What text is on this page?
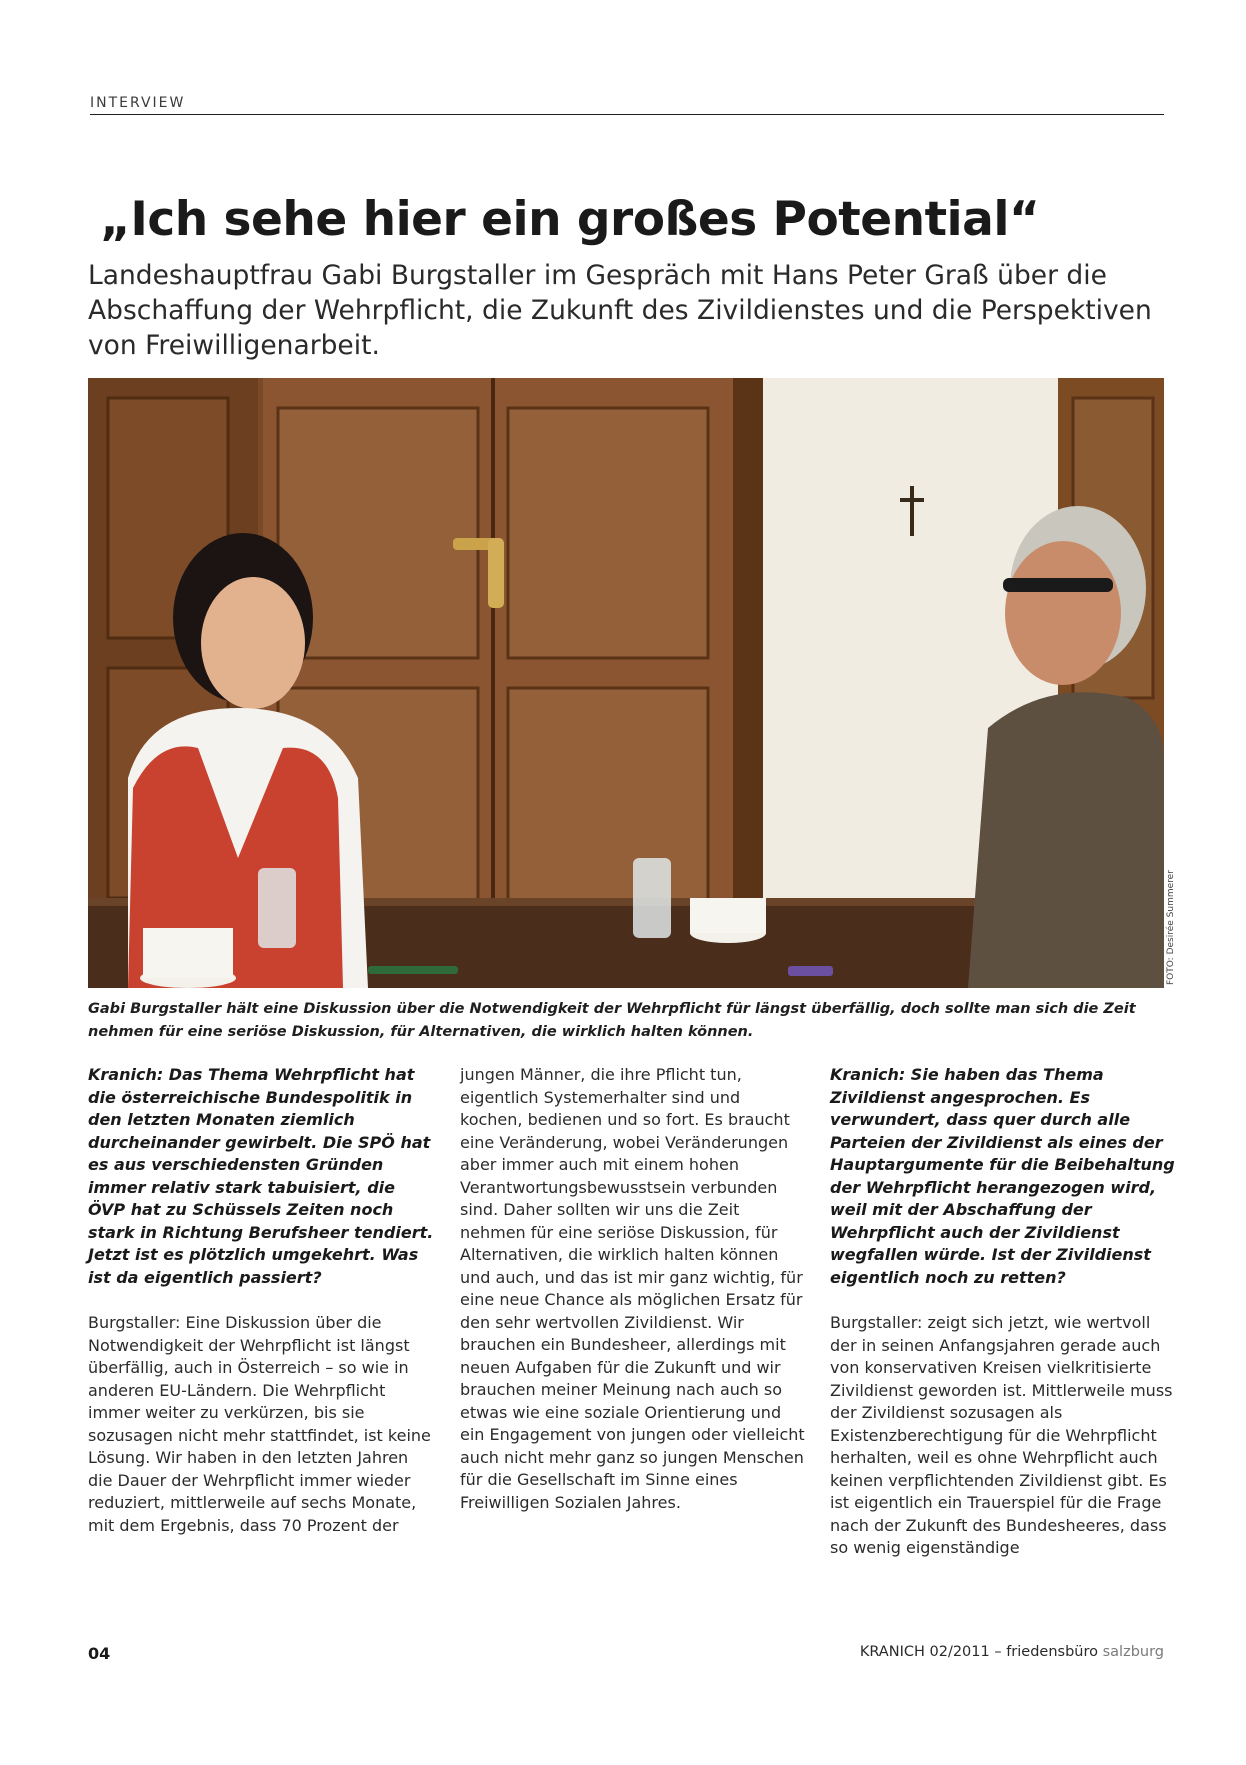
INTERVIEW
„Ich sehe hier ein großes Potential“

Landeshauptfrau Gabi Burgstaller im Gespräch mit Hans Peter Graß über die Abschaffung der Wehrpflicht, die Zukunft des Zivildienstes und die Perspektiven von Freiwilligenarbeit.

FOTO: Desirée Summerer

Gabi Burgstaller hält eine Diskussion über die Notwendigkeit der Wehrpflicht für längst überfällig, doch sollte man sich die Zeit nehmen für eine seriöse Diskussion, für Alternativen, die wirklich halten können.

Kranich: Das Thema Wehrpflicht hat die österreichische Bundespolitik in den letzten Monaten ziemlich durcheinander gewirbelt. Die SPÖ hat es aus verschiedensten Gründen immer relativ stark tabuisiert, die ÖVP hat zu Schüssels Zeiten noch stark in Richtung Berufsheer tendiert. Jetzt ist es plötzlich umgekehrt. Was ist da eigentlich passiert?

Burgstaller: Eine Diskussion über die Notwendigkeit der Wehrpflicht ist längst überfällig, auch in Österreich – so wie in anderen EU-Ländern. Die Wehrpflicht immer weiter zu verkürzen, bis sie sozusagen nicht mehr stattfindet, ist keine Lösung. Wir haben in den letzten Jahren die Dauer der Wehrpflicht immer wieder reduziert, mittlerweile auf sechs Monate, mit dem Ergebnis, dass 70 Prozent der

jungen Männer, die ihre Pflicht tun, eigentlich Systemerhalter sind und kochen, bedienen und so fort. Es braucht eine Veränderung, wobei Veränderungen aber immer auch mit einem hohen Verantwortungsbewusstsein verbunden sind. Daher sollten wir uns die Zeit nehmen für eine seriöse Diskussion, für Alternativen, die wirklich halten können und auch, und das ist mir ganz wichtig, für eine neue Chance als möglichen Ersatz für den sehr wertvollen Zivildienst. Wir brauchen ein Bundesheer, allerdings mit neuen Aufgaben für die Zukunft und wir brauchen meiner Meinung nach auch so etwas wie eine soziale Orientierung und ein Engagement von jungen oder vielleicht auch nicht mehr ganz so jungen Menschen für die Gesellschaft im Sinne eines Freiwilligen Sozialen Jahres.

Kranich: Sie haben das Thema Zivildienst angesprochen. Es verwundert, dass quer durch alle Parteien der Zivildienst als eines der Hauptargumente für die Beibehaltung der Wehrpflicht herangezogen wird, weil mit der Abschaffung der Wehrpflicht auch der Zivildienst wegfallen würde. Ist der Zivildienst eigentlich noch zu retten?

Burgstaller: zeigt sich jetzt, wie wertvoll der in seinen Anfangsjahren gerade auch von konservativen Kreisen vielkritisierte Zivildienst geworden ist. Mittlerweile muss der Zivildienst sozusagen als Existenzberechtigung für die Wehrpflicht herhalten, weil es ohne Wehrpflicht auch keinen verpflichtenden Zivildienst gibt. Es ist eigentlich ein Trauerspiel für die Frage nach der Zukunft des Bundesheeres, dass so wenig eigenständige

04	KRANICH 02/2011 – friedensbüro salzburg
